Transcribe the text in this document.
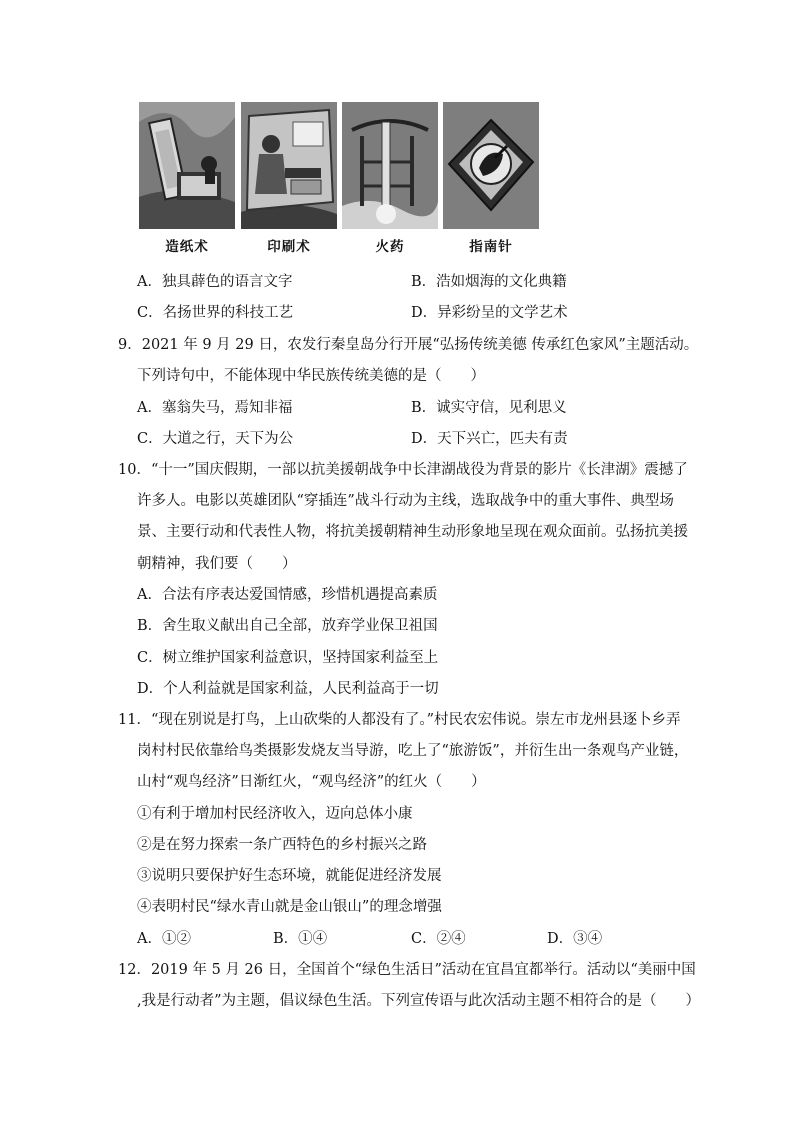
造纸术	印刷术	火药	指南针
A．独具薜色的语言文字	B．浩如烟海的文化典籍
C．名扬世界的科技工艺	D．异彩纷呈的文学艺术
9．2021 年 9 月 29 日，农发行秦皇岛分行开展“弘扬传统美德 传承红色家风”主题活动。
下列诗句中，不能体现中华民族传统美德的是（　　）
A．塞翁失马，焉知非福	B．诚实守信，见利思义
C．大道之行，天下为公	D．天下兴亡，匹夫有责
10．“十一”国庆假期，一部以抗美援朝战争中长津湖战役为背景的影片《长津湖》震撼了
许多人。电影以英雄团队“穿插连”战斗行动为主线，选取战争中的重大事件、典型场
景、主要行动和代表性人物，将抗美援朝精神生动形象地呈现在观众面前。弘扬抗美援
朝精神，我们要（　　）
A．合法有序表达爱国情感，珍惜机遇提高素质
B．舍生取义献出自己全部，放弃学业保卫祖国
C．树立维护国家利益意识，坚持国家利益至上
D．个人利益就是国家利益，人民利益高于一切
11．“现在别说是打鸟，上山砍柴的人都没有了。”村民农宏伟说。崇左市龙州县逐卜乡弄
岗村村民依靠给鸟类摄影发烧友当导游，吃上了“旅游饭”，并衍生出一条观鸟产业链，
山村“观鸟经济”日渐红火，“观鸟经济”的红火（　　）
①有利于增加村民经济收入，迈向总体小康
②是在努力探索一条广西特色的乡村振兴之路
③说明只要保护好生态环境，就能促进经济发展
④表明村民“绿水青山就是金山银山”的理念增强
A．①②	B．①④	C．②④	D．③④
12．2019 年 5 月 26 日，全国首个“绿色生活日”活动在宜昌宜都举行。活动以“美丽中国
,我是行动者”为主题，倡议绿色生活。下列宣传语与此次活动主题不相符合的是（　　）
